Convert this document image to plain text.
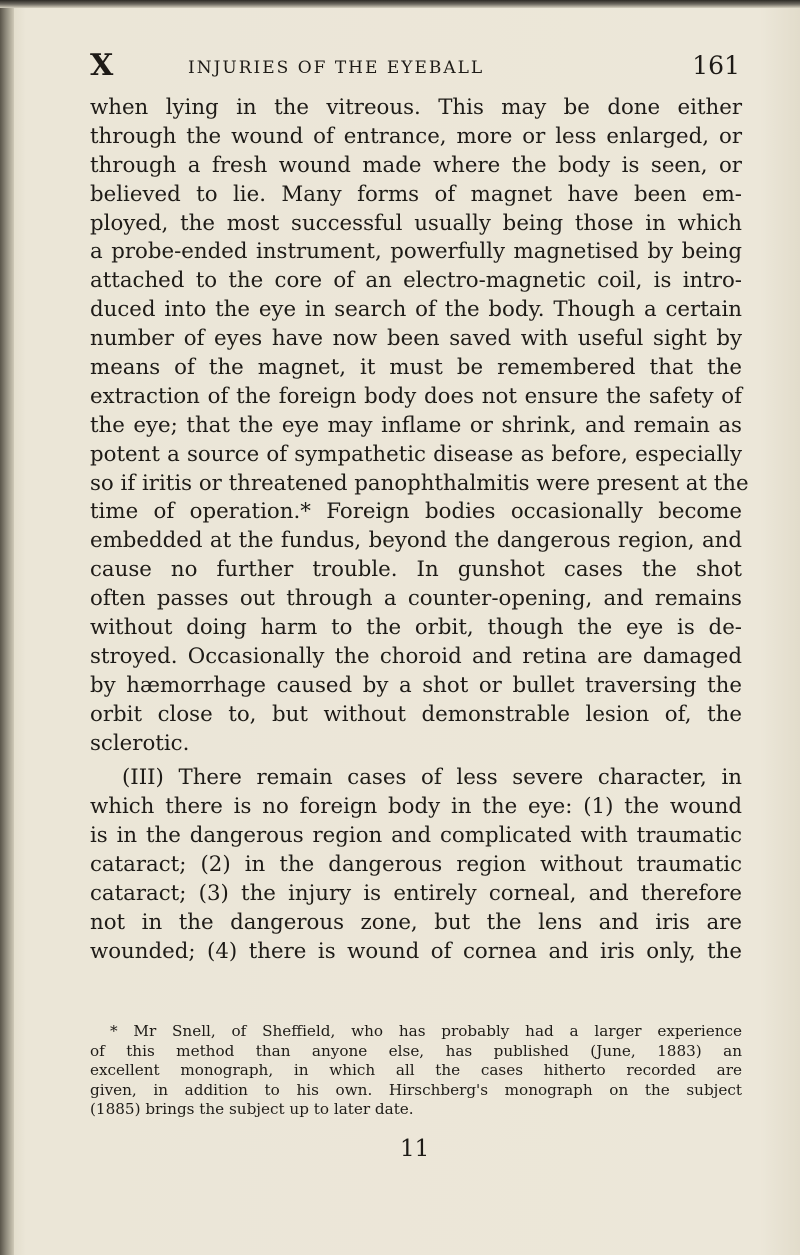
X	INJURIES OF THE EYEBALL	161
when lying in the vitreous. This may be done either
through the wound of entrance, more or less enlarged, or
through a fresh wound made where the body is seen, or
believed to lie. Many forms of magnet have been em-
ployed, the most successful usually being those in which
a probe-ended instrument, powerfully magnetised by being
attached to the core of an electro-magnetic coil, is intro-
duced into the eye in search of the body. Though a certain
number of eyes have now been saved with useful sight by
means of the magnet, it must be remembered that the
extraction of the foreign body does not ensure the safety of
the eye; that the eye may inflame or shrink, and remain as
potent a source of sympathetic disease as before, especially
so if iritis or threatened panophthalmitis were present at the
time of operation.* Foreign bodies occasionally become
embedded at the fundus, beyond the dangerous region, and
cause no further trouble. In gunshot cases the shot
often passes out through a counter-opening, and remains
without doing harm to the orbit, though the eye is de-
stroyed. Occasionally the choroid and retina are damaged
by hæmorrhage caused by a shot or bullet traversing the
orbit close to, but without demonstrable lesion of, the
sclerotic.
(III) There remain cases of less severe character, in
which there is no foreign body in the eye: (1) the wound
is in the dangerous region and complicated with traumatic
cataract; (2) in the dangerous region without traumatic
cataract; (3) the injury is entirely corneal, and therefore
not in the dangerous zone, but the lens and iris are
wounded; (4) there is wound of cornea and iris only, the
* Mr Snell, of Sheffield, who has probably had a larger experience
of this method than anyone else, has published (June, 1883) an
excellent monograph, in which all the cases hitherto recorded are
given, in addition to his own. Hirschberg's monograph on the subject
(1885) brings the subject up to later date.
11
